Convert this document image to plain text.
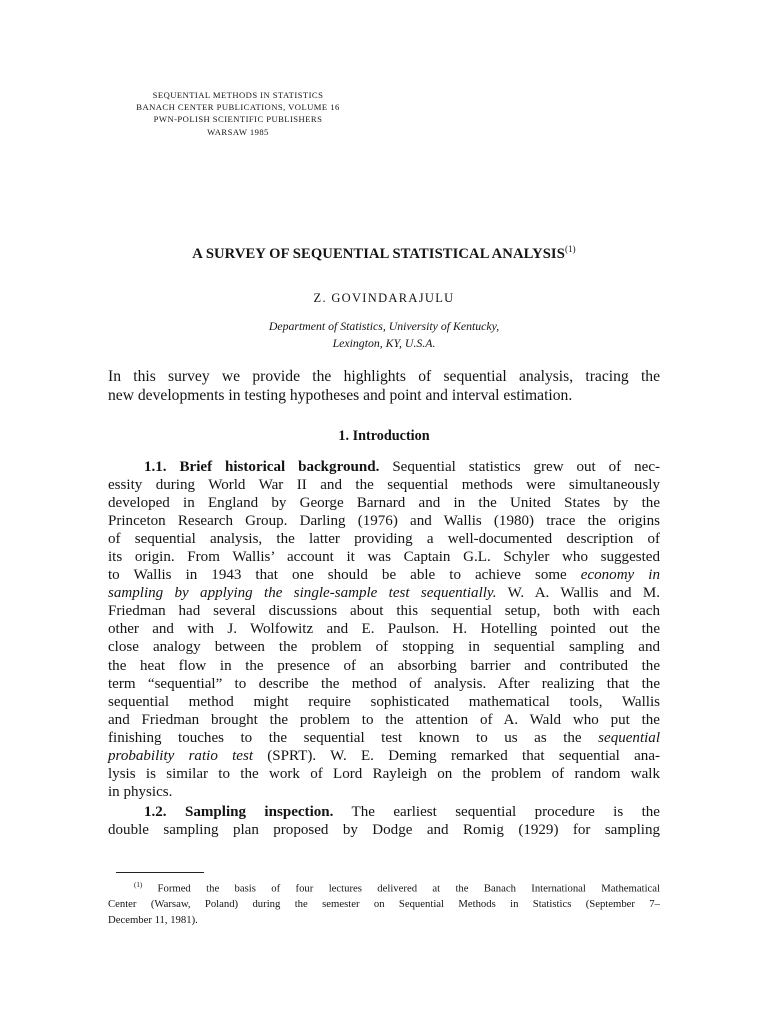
SEQUENTIAL METHODS IN STATISTICS
BANACH CENTER PUBLICATIONS, VOLUME 16
PWN-POLISH SCIENTIFIC PUBLISHERS
WARSAW 1985
A SURVEY OF SEQUENTIAL STATISTICAL ANALYSIS$^{(1)}$
Z. GOVINDARAJULU
Department of Statistics, University of Kentucky,
Lexington, KY, U.S.A.
In this survey we provide the highlights of sequential analysis, tracing the
new developments in testing hypotheses and point and interval estimation.
1. Introduction
1.1. Brief historical background. Sequential statistics grew out of nec-
essity during World War II and the sequential methods were simultaneously
developed in England by George Barnard and in the United States by the
Princeton Research Group. Darling (1976) and Wallis (1980) trace the origins
of sequential analysis, the latter providing a well-documented description of
its origin. From Wallis’ account it was Captain G.L. Schyler who suggested
to Wallis in 1943 that one should be able to achieve some economy in
sampling by applying the single-sample test sequentially. W. A. Wallis and M.
Friedman had several discussions about this sequential setup, both with each
other and with J. Wolfowitz and E. Paulson. H. Hotelling pointed out the
close analogy between the problem of stopping in sequential sampling and
the heat flow in the presence of an absorbing barrier and contributed the
term “sequential” to describe the method of analysis. After realizing that the
sequential method might require sophisticated mathematical tools, Wallis
and Friedman brought the problem to the attention of A. Wald who put the
finishing touches to the sequential test known to us as the sequential
probability ratio test (SPRT). W. E. Deming remarked that sequential ana-
lysis is similar to the work of Lord Rayleigh on the problem of random walk
in physics.
1.2. Sampling inspection. The earliest sequential procedure is the
double sampling plan proposed by Dodge and Romig (1929) for sampling
$^{(1)}$ Formed the basis of four lectures delivered at the Banach International Mathematical
Center (Warsaw, Poland) during the semester on Sequential Methods in Statistics (September 7–
December 11, 1981).
